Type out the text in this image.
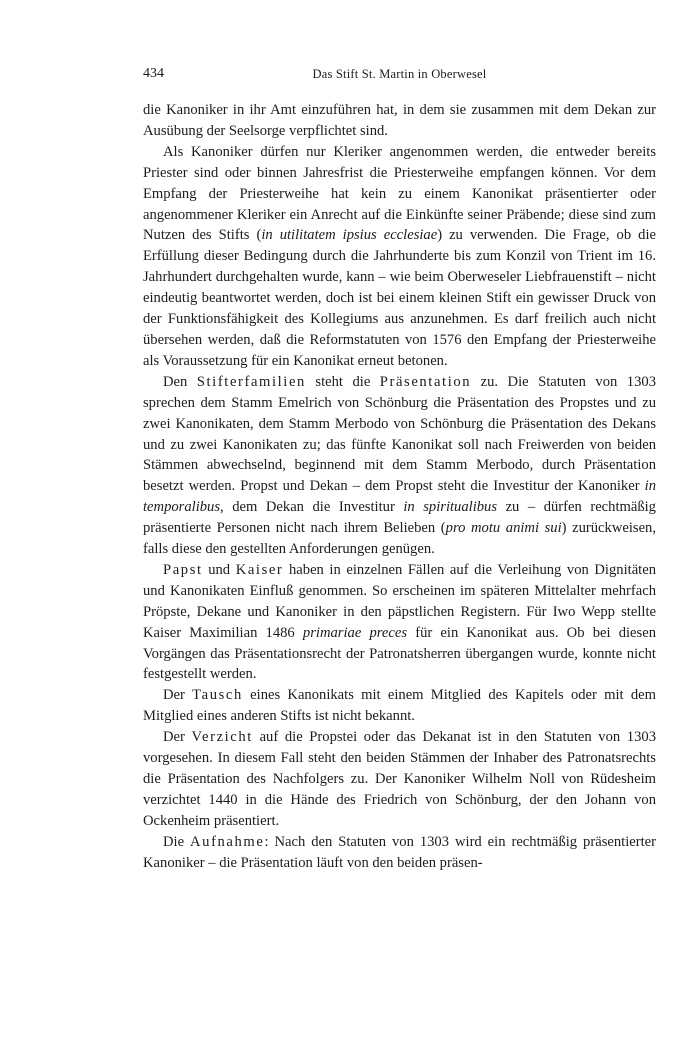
434	Das Stift St. Martin in Oberwesel

die Kanoniker in ihr Amt einzuführen hat, in dem sie zusammen mit dem Dekan zur Ausübung der Seelsorge verpflichtet sind.

Als Kanoniker dürfen nur Kleriker angenommen werden, die entweder bereits Priester sind oder binnen Jahresfrist die Priesterweihe empfangen können. Vor dem Empfang der Priesterweihe hat kein zu einem Kanonikat präsentierter oder angenommener Kleriker ein Anrecht auf die Einkünfte seiner Präbende; diese sind zum Nutzen des Stifts (in utilitatem ipsius ecclesiae) zu verwenden. Die Frage, ob die Erfüllung dieser Bedingung durch die Jahrhunderte bis zum Konzil von Trient im 16. Jahrhundert durchgehalten wurde, kann – wie beim Oberweseler Liebfrauenstift – nicht eindeutig beantwortet werden, doch ist bei einem kleinen Stift ein gewisser Druck von der Funktionsfähigkeit des Kollegiums aus anzunehmen. Es darf freilich auch nicht übersehen werden, daß die Reformstatuten von 1576 den Empfang der Priesterweihe als Voraussetzung für ein Kanonikat erneut betonen.

Den Stifterfamilien steht die Präsentation zu. Die Statuten von 1303 sprechen dem Stamm Emelrich von Schönburg die Präsentation des Propstes und zu zwei Kanonikaten, dem Stamm Merbodo von Schönburg die Präsentation des Dekans und zu zwei Kanonikaten zu; das fünfte Kanonikat soll nach Freiwerden von beiden Stämmen abwechselnd, beginnend mit dem Stamm Merbodo, durch Präsentation besetzt werden. Propst und Dekan – dem Propst steht die Investitur der Kanoniker in temporalibus, dem Dekan die Investitur in spiritualibus zu – dürfen rechtmäßig präsentierte Personen nicht nach ihrem Belieben (pro motu animi sui) zurückweisen, falls diese den gestellten Anforderungen genügen.

Papst und Kaiser haben in einzelnen Fällen auf die Verleihung von Dignitäten und Kanonikaten Einfluß genommen. So erscheinen im späteren Mittelalter mehrfach Pröpste, Dekane und Kanoniker in den päpstlichen Registern. Für Iwo Wepp stellte Kaiser Maximilian 1486 primariae preces für ein Kanonikat aus. Ob bei diesen Vorgängen das Präsentationsrecht der Patronatsherren übergangen wurde, konnte nicht festgestellt werden.

Der Tausch eines Kanonikats mit einem Mitglied des Kapitels oder mit dem Mitglied eines anderen Stifts ist nicht bekannt.

Der Verzicht auf die Propstei oder das Dekanat ist in den Statuten von 1303 vorgesehen. In diesem Fall steht den beiden Stämmen der Inhaber des Patronatsrechts die Präsentation des Nachfolgers zu. Der Kanoniker Wilhelm Noll von Rüdesheim verzichtet 1440 in die Hände des Friedrich von Schönburg, der den Johann von Ockenheim präsentiert.

Die Aufnahme: Nach den Statuten von 1303 wird ein rechtmäßig präsentierter Kanoniker – die Präsentation läuft von den beiden präsen-
